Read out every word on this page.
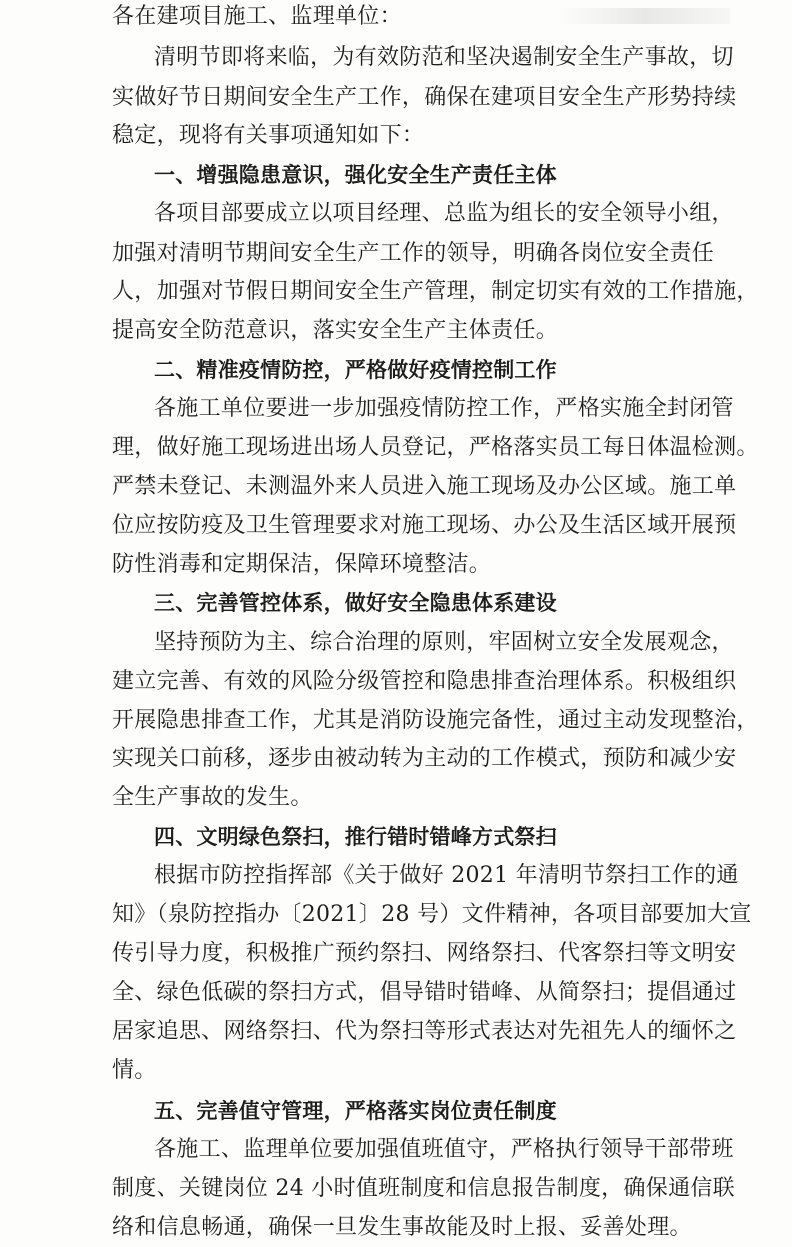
各在建项目施工、监理单位：

清明节即将来临，为有效防范和坚决遏制安全生产事故，切

实做好节日期间安全生产工作，确保在建项目安全生产形势持续

稳定，现将有关事项通知如下：

一、增强隐患意识，强化安全生产责任主体

各项目部要成立以项目经理、总监为组长的安全领导小组，

加强对清明节期间安全生产工作的领导，明确各岗位安全责任

人，加强对节假日期间安全生产管理，制定切实有效的工作措施，

提高安全防范意识，落实安全生产主体责任。

二、精准疫情防控，严格做好疫情控制工作

各施工单位要进一步加强疫情防控工作，严格实施全封闭管

理，做好施工现场进出场人员登记，严格落实员工每日体温检测。

严禁未登记、未测温外来人员进入施工现场及办公区域。施工单

位应按防疫及卫生管理要求对施工现场、办公及生活区域开展预

防性消毒和定期保洁，保障环境整洁。

三、完善管控体系，做好安全隐患体系建设

坚持预防为主、综合治理的原则，牢固树立安全发展观念，

建立完善、有效的风险分级管控和隐患排查治理体系。积极组织

开展隐患排查工作，尤其是消防设施完备性，通过主动发现整治，

实现关口前移，逐步由被动转为主动的工作模式，预防和减少安

全生产事故的发生。

四、文明绿色祭扫，推行错时错峰方式祭扫

根据市防控指挥部《关于做好 2021 年清明节祭扫工作的通

知》（泉防控指办〔2021〕28 号）文件精神，各项目部要加大宣

传引导力度，积极推广预约祭扫、网络祭扫、代客祭扫等文明安

全、绿色低碳的祭扫方式，倡导错时错峰、从简祭扫；提倡通过

居家追思、网络祭扫、代为祭扫等形式表达对先祖先人的缅怀之

情。

五、完善值守管理，严格落实岗位责任制度

各施工、监理单位要加强值班值守，严格执行领导干部带班

制度、关键岗位 24 小时值班制度和信息报告制度，确保通信联

络和信息畅通，确保一旦发生事故能及时上报、妥善处理。
